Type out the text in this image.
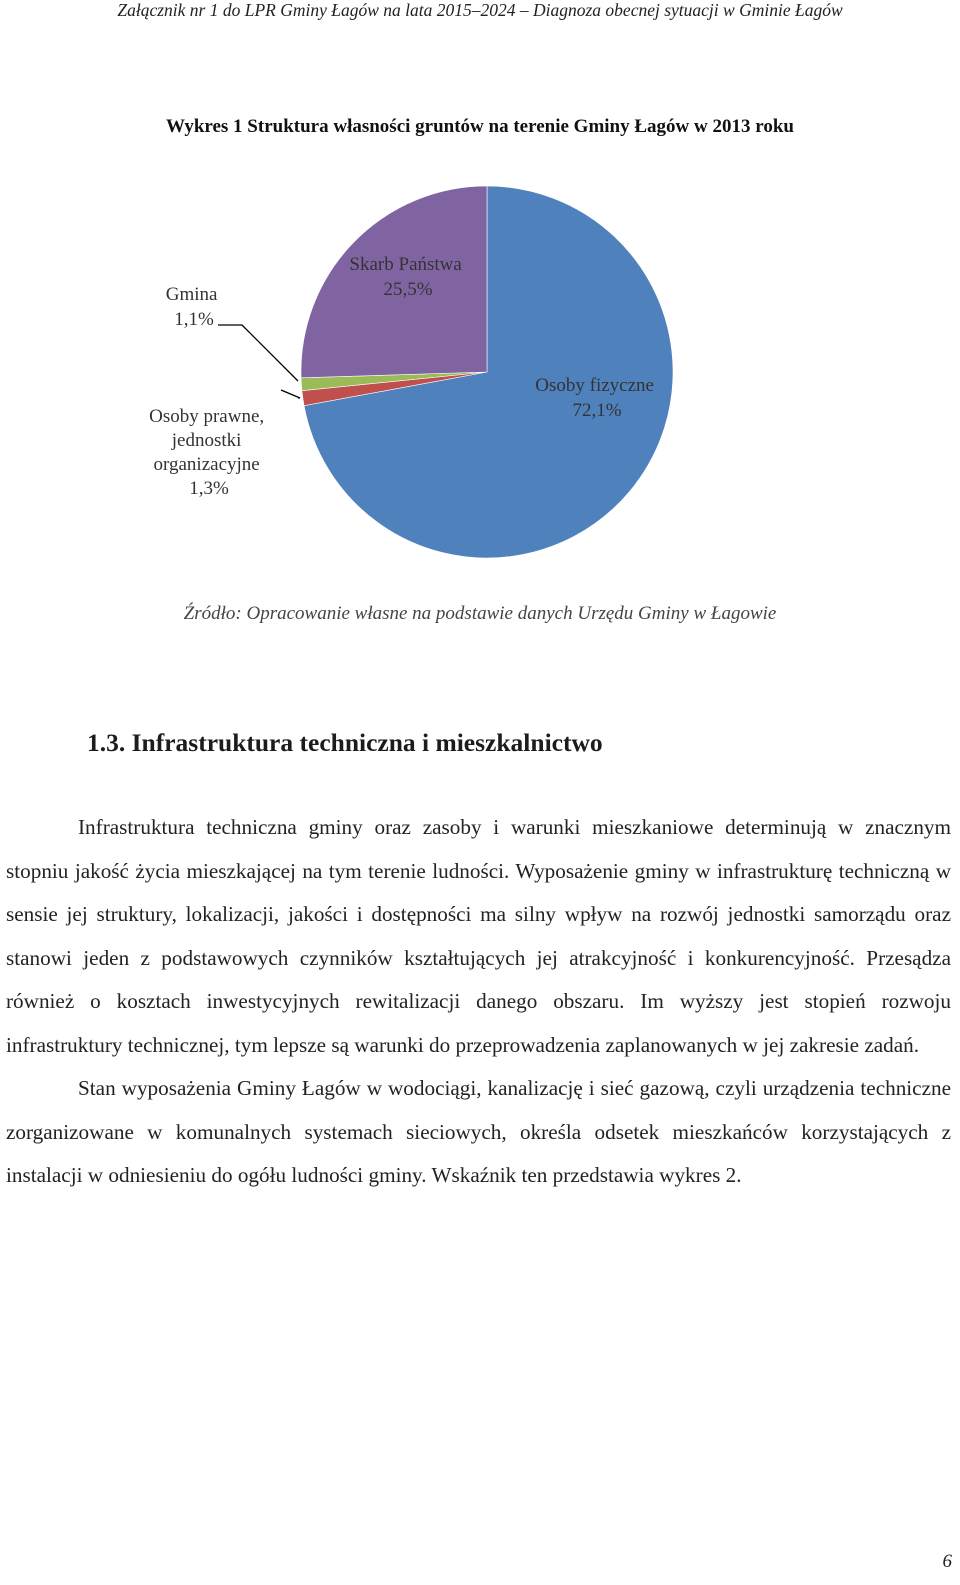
Załącznik nr 1 do LPR Gminy Łagów na lata 2015–2024 – Diagnoza obecnej sytuacji w Gminie Łagów
Wykres 1 Struktura własności gruntów na terenie Gminy Łagów w 2013 roku
Osoby fizyczne 72,1%
Skarb Państwa 25,5%
Gmina 1,1%
Osoby prawne, jednostki organizacyjne 1,3%
Źródło: Opracowanie własne na podstawie danych Urzędu Gminy w Łagowie
1.3. Infrastruktura techniczna i mieszkalnictwo

Infrastruktura techniczna gminy oraz zasoby i warunki mieszkaniowe determinują w znacznym stopniu jakość życia mieszkającej na tym terenie ludności. Wyposażenie gminy w infrastrukturę techniczną w sensie jej struktury, lokalizacji, jakości i dostępności ma silny wpływ na rozwój jednostki samorządu oraz stanowi jeden z podstawowych czynników kształtujących jej atrakcyjność i konkurencyjność. Przesądza również o kosztach inwestycyjnych rewitalizacji danego obszaru. Im wyższy jest stopień rozwoju infrastruktury technicznej, tym lepsze są warunki do przeprowadzenia zaplanowanych w jej zakresie zadań.

Stan wyposażenia Gminy Łagów w wodociągi, kanalizację i sieć gazową, czyli urządzenia techniczne zorganizowane w komunalnych systemach sieciowych, określa odsetek mieszkańców korzystających z instalacji w odniesieniu do ogółu ludności gminy. Wskaźnik ten przedstawia wykres 2.

6
